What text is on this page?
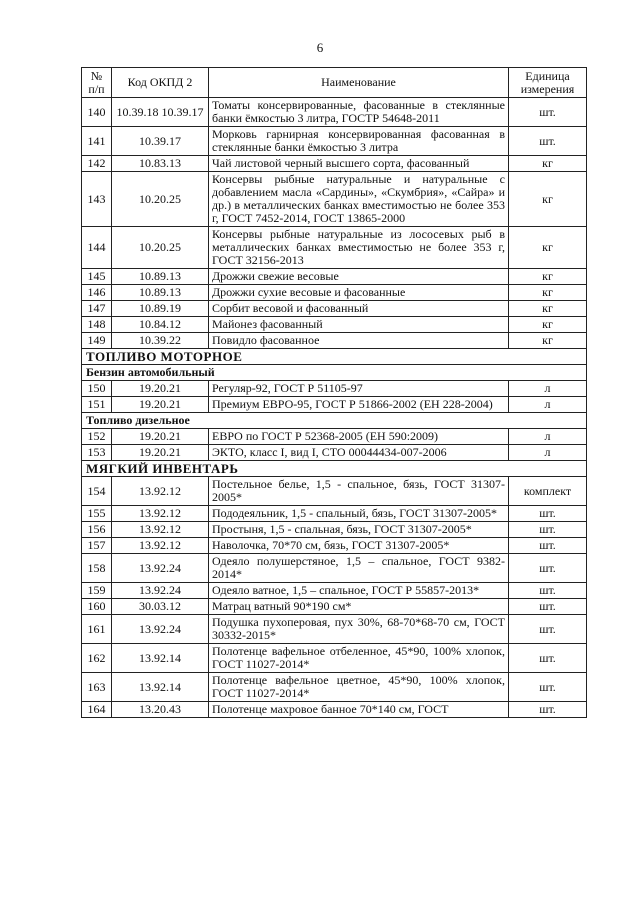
6
№ п/п	Код ОКПД 2	Наименование	Единица измерения
140	10.39.18 10.39.17	Томаты консервированные, фасованные в стеклянные банки ёмкостью 3 литра, ГОСТР 54648-2011	шт.
141	10.39.17	Морковь гарнирная консервированная фасованная в стеклянные банки ёмкостью 3 литра	шт.
142	10.83.13	Чай листовой черный высшего сорта, фасованный	кг
143	10.20.25	Консервы рыбные натуральные и натуральные с добавлением масла «Сардины», «Скумбрия», «Сайра» и др.) в металлических банках вместимостью не более 353 г, ГОСТ 7452-2014, ГОСТ 13865-2000	кг
144	10.20.25	Консервы рыбные натуральные из лососевых рыб в металлических банках вместимостью не более 353 г, ГОСТ 32156-2013	кг
145	10.89.13	Дрожжи свежие весовые	кг
146	10.89.13	Дрожжи сухие весовые и фасованные	кг
147	10.89.19	Сорбит весовой и фасованный	кг
148	10.84.12	Майонез фасованный	кг
149	10.39.22	Повидло фасованное	кг
ТОПЛИВО МОТОРНОЕ			
Бензин автомобильный			
150	19.20.21	Регуляр-92, ГОСТ Р 51105-97	л
151	19.20.21	Премиум ЕВРО-95, ГОСТ Р 51866-2002 (ЕН 228-2004)	л
Топливо дизельное			
152	19.20.21	ЕВРО по ГОСТ Р 52368-2005 (ЕН 590:2009)	л
153	19.20.21	ЭКТО, класс I, вид I, СТО 00044434-007-2006	л
МЯГКИЙ ИНВЕНТАРЬ			
154	13.92.12	Постельное белье, 1,5 - спальное, бязь, ГОСТ 31307-2005*	комплект
155	13.92.12	Пододеяльник, 1,5 - спальный, бязь, ГОСТ 31307-2005*	шт.
156	13.92.12	Простыня, 1,5 - спальная, бязь, ГОСТ 31307-2005*	шт.
157	13.92.12	Наволочка, 70*70 см, бязь, ГОСТ 31307-2005*	шт.
158	13.92.24	Одеяло полушерстяное, 1,5 – спальное, ГОСТ 9382-2014*	шт.
159	13.92.24	Одеяло ватное, 1,5 – спальное, ГОСТ Р 55857-2013*	шт.
160	30.03.12	Матрац ватный 90*190 см*	шт.
161	13.92.24	Подушка пухоперовая, пух 30%, 68-70*68-70 см, ГОСТ 30332-2015*	шт.
162	13.92.14	Полотенце вафельное отбеленное, 45*90, 100% хлопок, ГОСТ 11027-2014*	шт.
163	13.92.14	Полотенце вафельное цветное, 45*90, 100% хлопок, ГОСТ 11027-2014*	шт.
164	13.20.43	Полотенце махровое банное 70*140 см, ГОСТ	шт.
